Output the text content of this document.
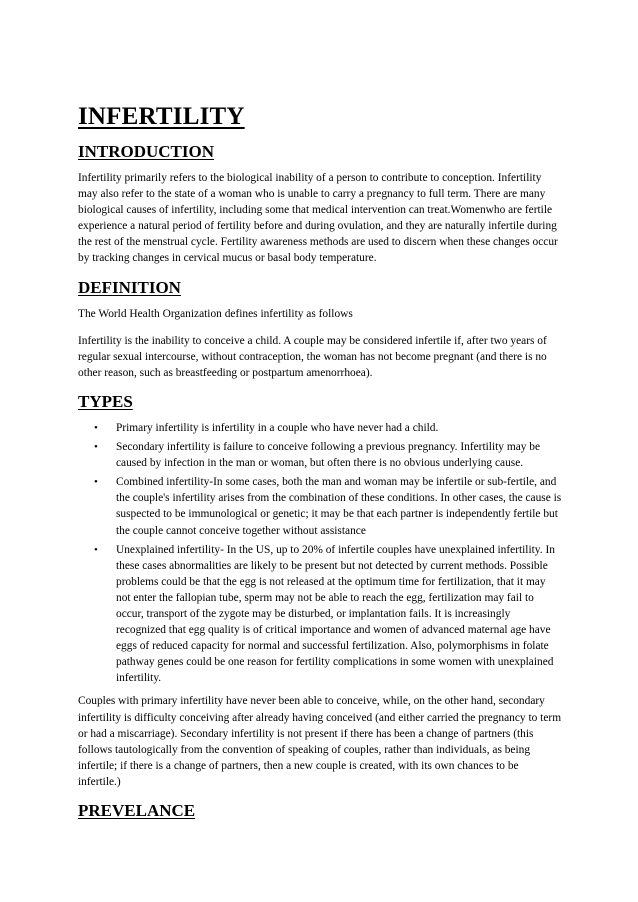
INFERTILITY
INTRODUCTION

Infertility primarily refers to the biological inability of a person to contribute to conception. Infertility may also refer to the state of a woman who is unable to carry a pregnancy to full term. There are many biological causes of infertility, including some that medical intervention can treat.Womenwho are fertile experience a natural period of fertility before and during ovulation, and they are naturally infertile during the rest of the menstrual cycle. Fertility awareness methods are used to discern when these changes occur by tracking changes in cervical mucus or basal body temperature.

DEFINITION

The World Health Organization defines infertility as follows

Infertility is the inability to conceive a child. A couple may be considered infertile if, after two years of regular sexual intercourse, without contraception, the woman has not become pregnant (and there is no other reason, such as breastfeeding or postpartum amenorrhoea).

TYPES
• Primary infertility is infertility in a couple who have never had a child.
• Secondary infertility is failure to conceive following a previous pregnancy. Infertility may be caused by infection in the man or woman, but often there is no obvious underlying cause.
• Combined infertility-In some cases, both the man and woman may be infertile or sub-fertile, and the couple's infertility arises from the combination of these conditions. In other cases, the cause is suspected to be immunological or genetic; it may be that each partner is independently fertile but the couple cannot conceive together without assistance
• Unexplained infertility- In the US, up to 20% of infertile couples have unexplained infertility. In these cases abnormalities are likely to be present but not detected by current methods. Possible problems could be that the egg is not released at the optimum time for fertilization, that it may not enter the fallopian tube, sperm may not be able to reach the egg, fertilization may fail to occur, transport of the zygote may be disturbed, or implantation fails. It is increasingly recognized that egg quality is of critical importance and women of advanced maternal age have eggs of reduced capacity for normal and successful fertilization. Also, polymorphisms in folate pathway genes could be one reason for fertility complications in some women with unexplained infertility.

Couples with primary infertility have never been able to conceive, while, on the other hand, secondary infertility is difficulty conceiving after already having conceived (and either carried the pregnancy to term or had a miscarriage). Secondary infertility is not present if there has been a change of partners (this follows tautologically from the convention of speaking of couples, rather than individuals, as being infertile; if there is a change of partners, then a new couple is created, with its own chances to be infertile.)

PREVELANCE
